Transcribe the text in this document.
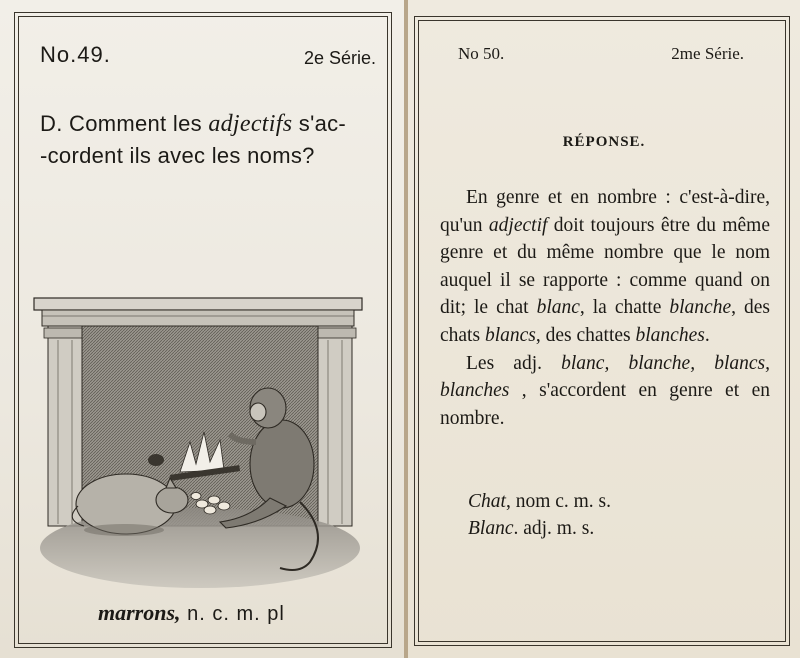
No.49.	2e Série.
D. Comment les adjectifs s'ac-
-cordent ils avec les noms?
marrons, n. c. m. pl
No 50.	2me Série.
RÉPONSE.

En genre et en nombre : c'est-à-dire, qu'un adjectif doit toujours être du même genre et du même nombre que le nom auquel il se rapporte : comme quand on dit; le chat blanc, la chatte blanche, des chats blancs, des chattes blanches.

Les adj. blanc, blanche, blancs, blanches , s'accordent en genre et en nombre.

Chat, nom c. m. s.
Blanc. adj. m. s.
